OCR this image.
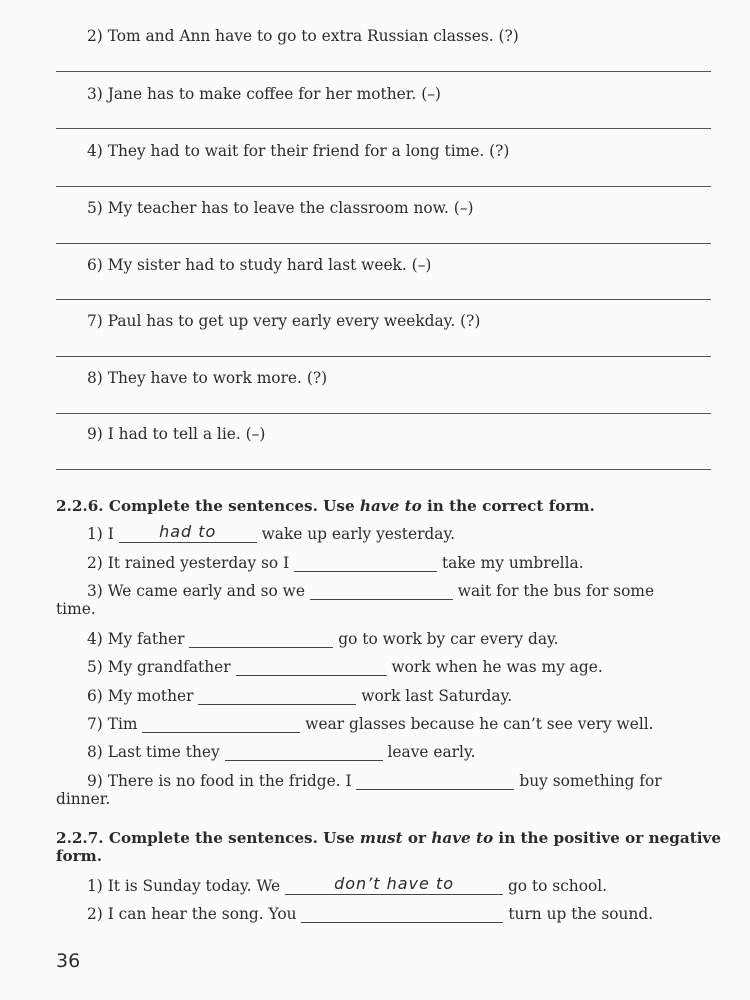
2) Tom and Ann have to go to extra Russian classes. (?)
3) Jane has to make coffee for her mother. (–)
4) They had to wait for their friend for a long time. (?)
5) My teacher has to leave the classroom now. (–)
6) My sister had to study hard last week. (–)
7) Paul has to get up very early every weekday. (?)
8) They have to work more. (?)
9) I had to tell a lie. (–)
2.2.6. Complete the sentences. Use have to in the correct form.
1) I	had to	wake up early yesterday.
2) It rained yesterday so I	take my umbrella.
3) We came early and so we	wait for the bus for some
time.
4) My father	go to work by car every day.
5) My grandfather	work when he was my age.
6) My mother	work last Saturday.
7) Tim	wear glasses because he can’t see very well.
8) Last time they	leave early.
9) There is no food in the fridge. I	buy something for
dinner.
2.2.7. Complete the sentences. Use must or have to in the positive or negative
form.
1) It is Sunday today. We	don’t have to	go to school.
2) I can hear the song. You	turn up the sound.
36
